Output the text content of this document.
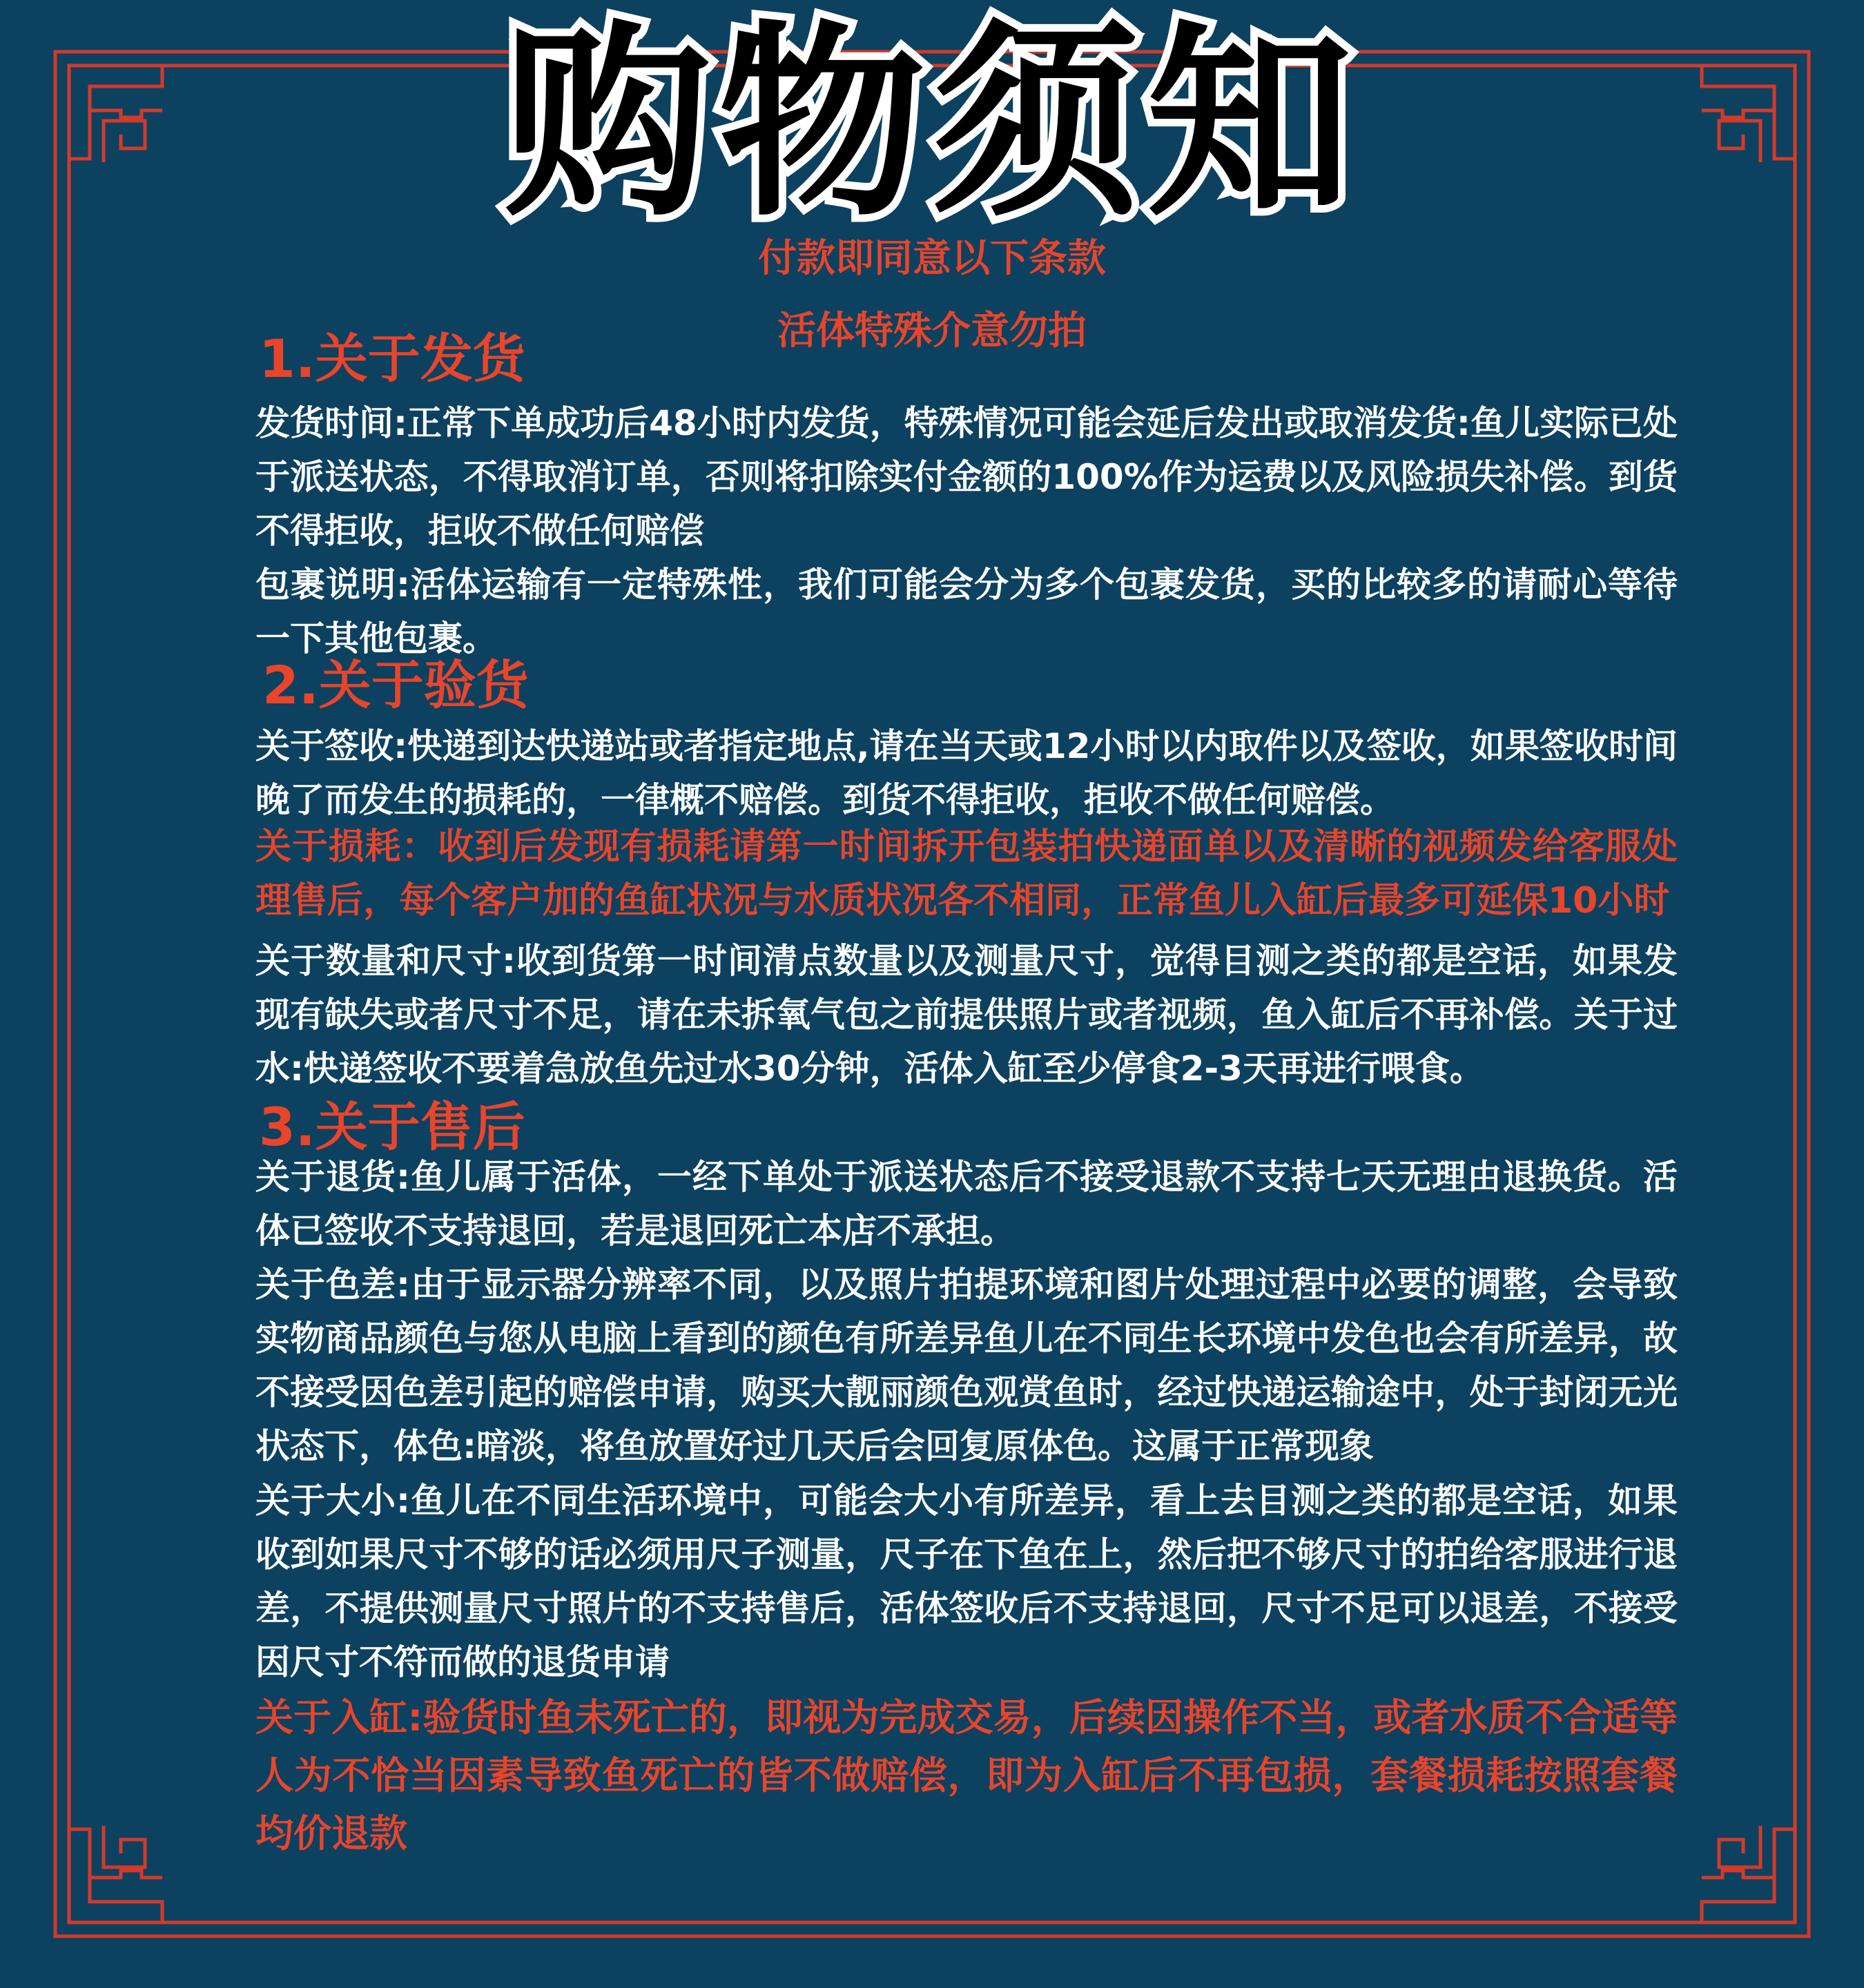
购物须知
付款即同意以下条款
活体特殊介意勿拍
1.关于发货
发货时间:正常下单成功后48小时内发货，特殊情况可能会延后发出或取消发货:鱼儿实际已处于派送状态，不得取消订单，否则将扣除实付金额的100%作为运费以及风险损失补偿。到货不得拒收，拒收不做任何赔偿
包裹说明:活体运输有一定特殊性，我们可能会分为多个包裹发货，买的比较多的请耐心等待一下其他包裹。
2.关于验货
关于签收:快递到达快递站或者指定地点,请在当天或12小时以内取件以及签收，如果签收时间晚了而发生的损耗的，一律概不赔偿。到货不得拒收，拒收不做任何赔偿。
关于损耗：收到后发现有损耗请第一时间拆开包装拍快递面单以及清晰的视频发给客服处理售后，每个客户加的鱼缸状况与水质状况各不相同，正常鱼儿入缸后最多可延保10小时
关于数量和尺寸:收到货第一时间清点数量以及测量尺寸，觉得目测之类的都是空话，如果发现有缺失或者尺寸不足，请在未拆氧气包之前提供照片或者视频，鱼入缸后不再补偿。关于过水:快递签收不要着急放鱼先过水30分钟，活体入缸至少停食2-3天再进行喂食。
3.关于售后
关于退货:鱼儿属于活体，一经下单处于派送状态后不接受退款不支持七天无理由退换货。活体已签收不支持退回，若是退回死亡本店不承担。
关于色差:由于显示器分辨率不同，以及照片拍提环境和图片处理过程中必要的调整，会导致实物商品颜色与您从电脑上看到的颜色有所差异鱼儿在不同生长环境中发色也会有所差异，故不接受因色差引起的赔偿申请，购买大靓丽颜色观赏鱼时，经过快递运输途中，处于封闭无光状态下，体色:暗淡，将鱼放置好过几天后会回复原体色。这属于正常现象
关于大小:鱼儿在不同生活环境中，可能会大小有所差异，看上去目测之类的都是空话，如果收到如果尺寸不够的话必须用尺子测量，尺子在下鱼在上，然后把不够尺寸的拍给客服进行退差，不提供测量尺寸照片的不支持售后，活体签收后不支持退回，尺寸不足可以退差，不接受因尺寸不符而做的退货申请
关于入缸:验货时鱼未死亡的，即视为完成交易，后续因操作不当，或者水质不合适等人为不恰当因素导致鱼死亡的皆不做赔偿，即为入缸后不再包损，套餐损耗按照套餐均价退款
